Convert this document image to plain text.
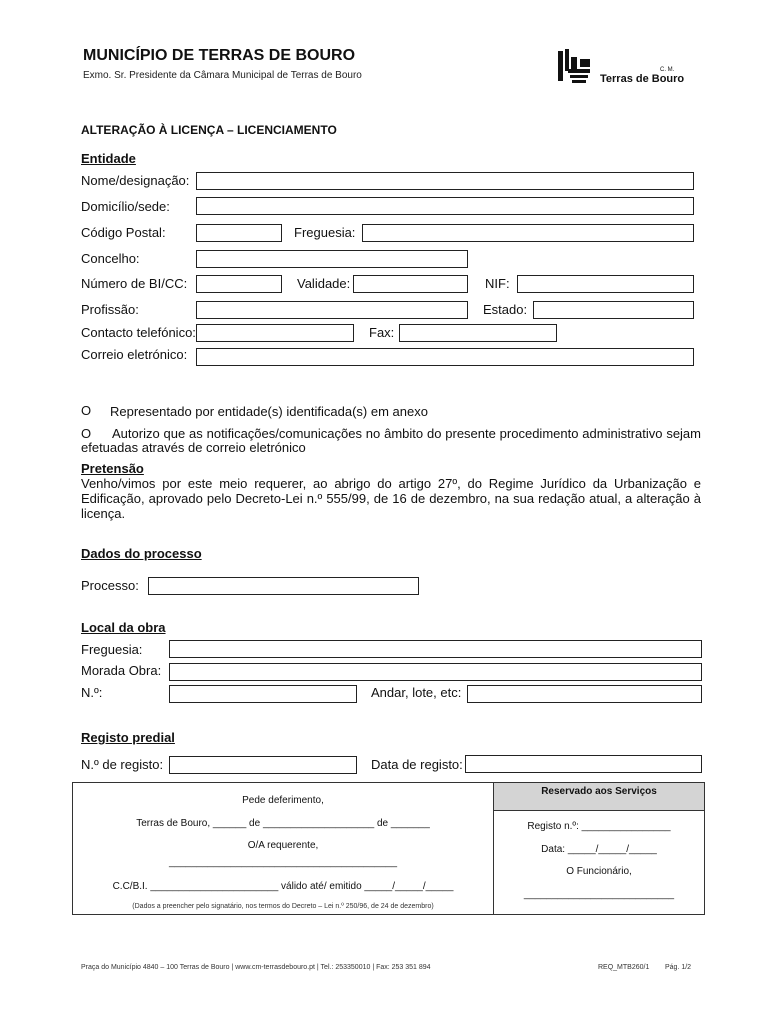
MUNICÍPIO DE TERRAS DE BOURO
Exmo. Sr. Presidente da Câmara Municipal de Terras de Bouro	C. M.
Terras de Bouro
ALTERAÇÃO À LICENÇA – LICENCIAMENTO
Entidade
Nome/designação:
Domicílio/sede:
Código Postal:	Freguesia:
Concelho:
Número de BI/CC:	Validade:	NIF:
Profissão:	Estado:
Contacto telefónico:	Fax:
Correio eletrónico:
O Representado por entidade(s) identificada(s) em anexo
O	Autorizo que as notificações/comunicações no âmbito do presente procedimento administrativo sejam efetuadas através de correio eletrónico
Pretensão
Venho/vimos por este meio requerer, ao abrigo do artigo 27º, do Regime Jurídico da Urbanização e Edificação, aprovado pelo Decreto-Lei n.º 555/99, de 16 de dezembro, na sua redação atual, a alteração à licença.
Dados do processo
Processo:
Local da obra
Freguesia:
Morada Obra:
N.º:	Andar, lote, etc:
Registo predial
N.º de registo:	Data de registo:
Reservado aos Serviços
Pede deferimento,
Terras de Bouro, ______ de ____________________ de _______
O/A requerente,
_________________________________________
C.C/B.I. _______________________ válido até/ emitido _____/_____/_____
(Dados a preencher pelo signatário, nos termos do Decreto – Lei n.º 250/96, de 24 de dezembro)
Registo n.º: ________________
Data: _____/_____/_____
O Funcionário,
___________________________
Praça do Município 4840 – 100 Terras de Bouro | www.cm-terrasdebouro.pt | Tel.: 253350010 | Fax: 253 351 894	REQ_MTB260/1 Pág. 1/2
